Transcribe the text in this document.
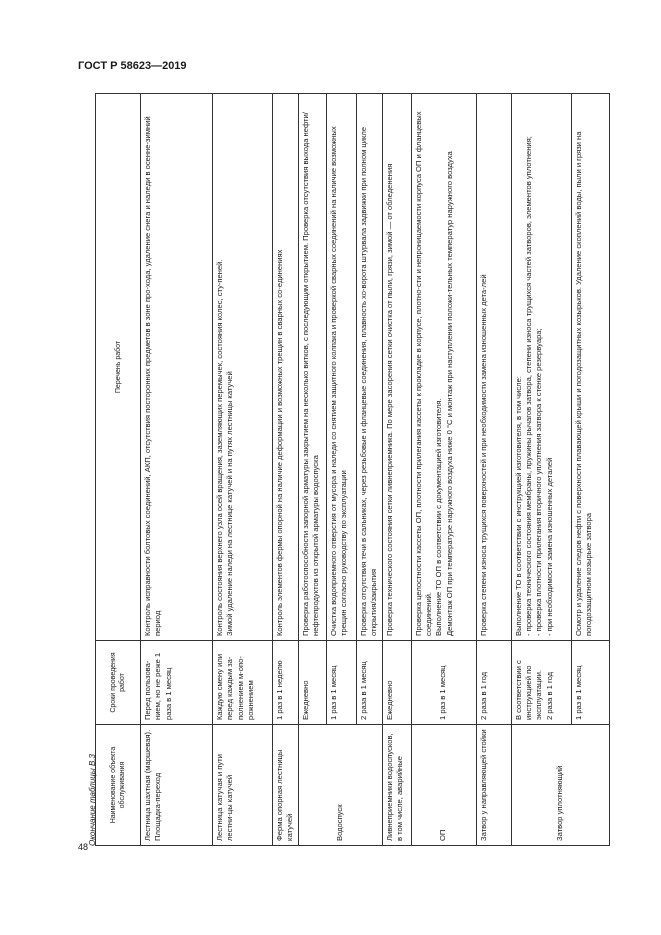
ГОСТ Р 58623—2019
Окончание таблицы В.3	Наименование объекта обслуживания	Сроки проведения работ	Перечень работ
Лестница шахтная (маршевая). Площадка-переход	Перед пользова-нием, но не реже 1 раза в 1 месяц	Контроль исправности болтовых соединений, АКП, отсутствия посторонних предметов в зоне про-хода, удаление снега и наледи в осенне-зимний период
Лестница катучая и пути лестни-цы катучей	Каждую смену или перед каждым за-полнением м-опо-рожнением	Контроль состояния верхнего узла осей вращения, заземляющих перемычек, состояния колес, сту-пеней. Зимой удаление наледи на лестнице катучей и на путях лестницы катучей

Ферма опорная лестницы катучей	1 раз в 1 неделю	Контроль элементов фермы опорной на наличие деформации и возможных трещин в сварных со-единениях
Водоспуск	Ежедневно	Проверка работоспособности запорной арматуры закрытием на несколько витков, с последующим открытием. Проверка отсутствия выхода нефти/нефтепродуктов из открытой арматуры водоспуска
	1 раз в 1 месяц	Очистка водоприемного отверстия от мусора и наледи со снятием защитного колпака и проверкой сварных соединений на наличие возможных трещин согласно руководству по эксплуатации
	2 раза в 1 месяц	Проверка отсутствия течи в сальниках, через резьбовые и фланцевые соединения, плавность хо-ворота штурвала задвижки при полном цикле открытия/закрытия
Ливнеприемники водоспусков, в том числе, аварийные	Ежедневно	Проверка технического состояния сетки ливнеприемника. По мере засорения сетки очистка от пыли, грязи, зимой — от обледенения
ОП	1 раз в 1 месяц	Проверка целостности кассеты ОП, плотности прилегания кассеты к прокладке в корпусе, плотно-сти и непроницаемости корпуса ОП и фланцевых соединений. Выполнение ТО ОП в соответствии с документацией изготовителя. Демонтаж ОП при температуре наружного воздуха ниже 0 °С и монтаж при наступлении положи-тельных температур наружного воздуха

Затвор у направляющей стойки	2 раза в 1 год	Проверка степени износа трущихся поверхностей и при необходимости замена изношенных дета-лей
Затвор уплотняющий	В соответствии с инструкцией по эксплуатации. 2 раза в 1 год	Выполнение ТО в соответствии с инструкцией изготовителя, в том числе: - проверка технического состояния мембраны, пружины рычагов затвора, степени износа трущихся частей затворов, элементов уплотнения; - проверка плотности прилегания вторичного уплотнения затвора к стенке резервуара; - при необходимости замена изношенных деталей

	1 раз в 1 месяц	Осмотр и удаление следов нефти с поверхности плавающей крыши и погодозащитных козырьков. Удаление скоплений воды, пыли и грязи на погодозащитном козырьке затвора
48
